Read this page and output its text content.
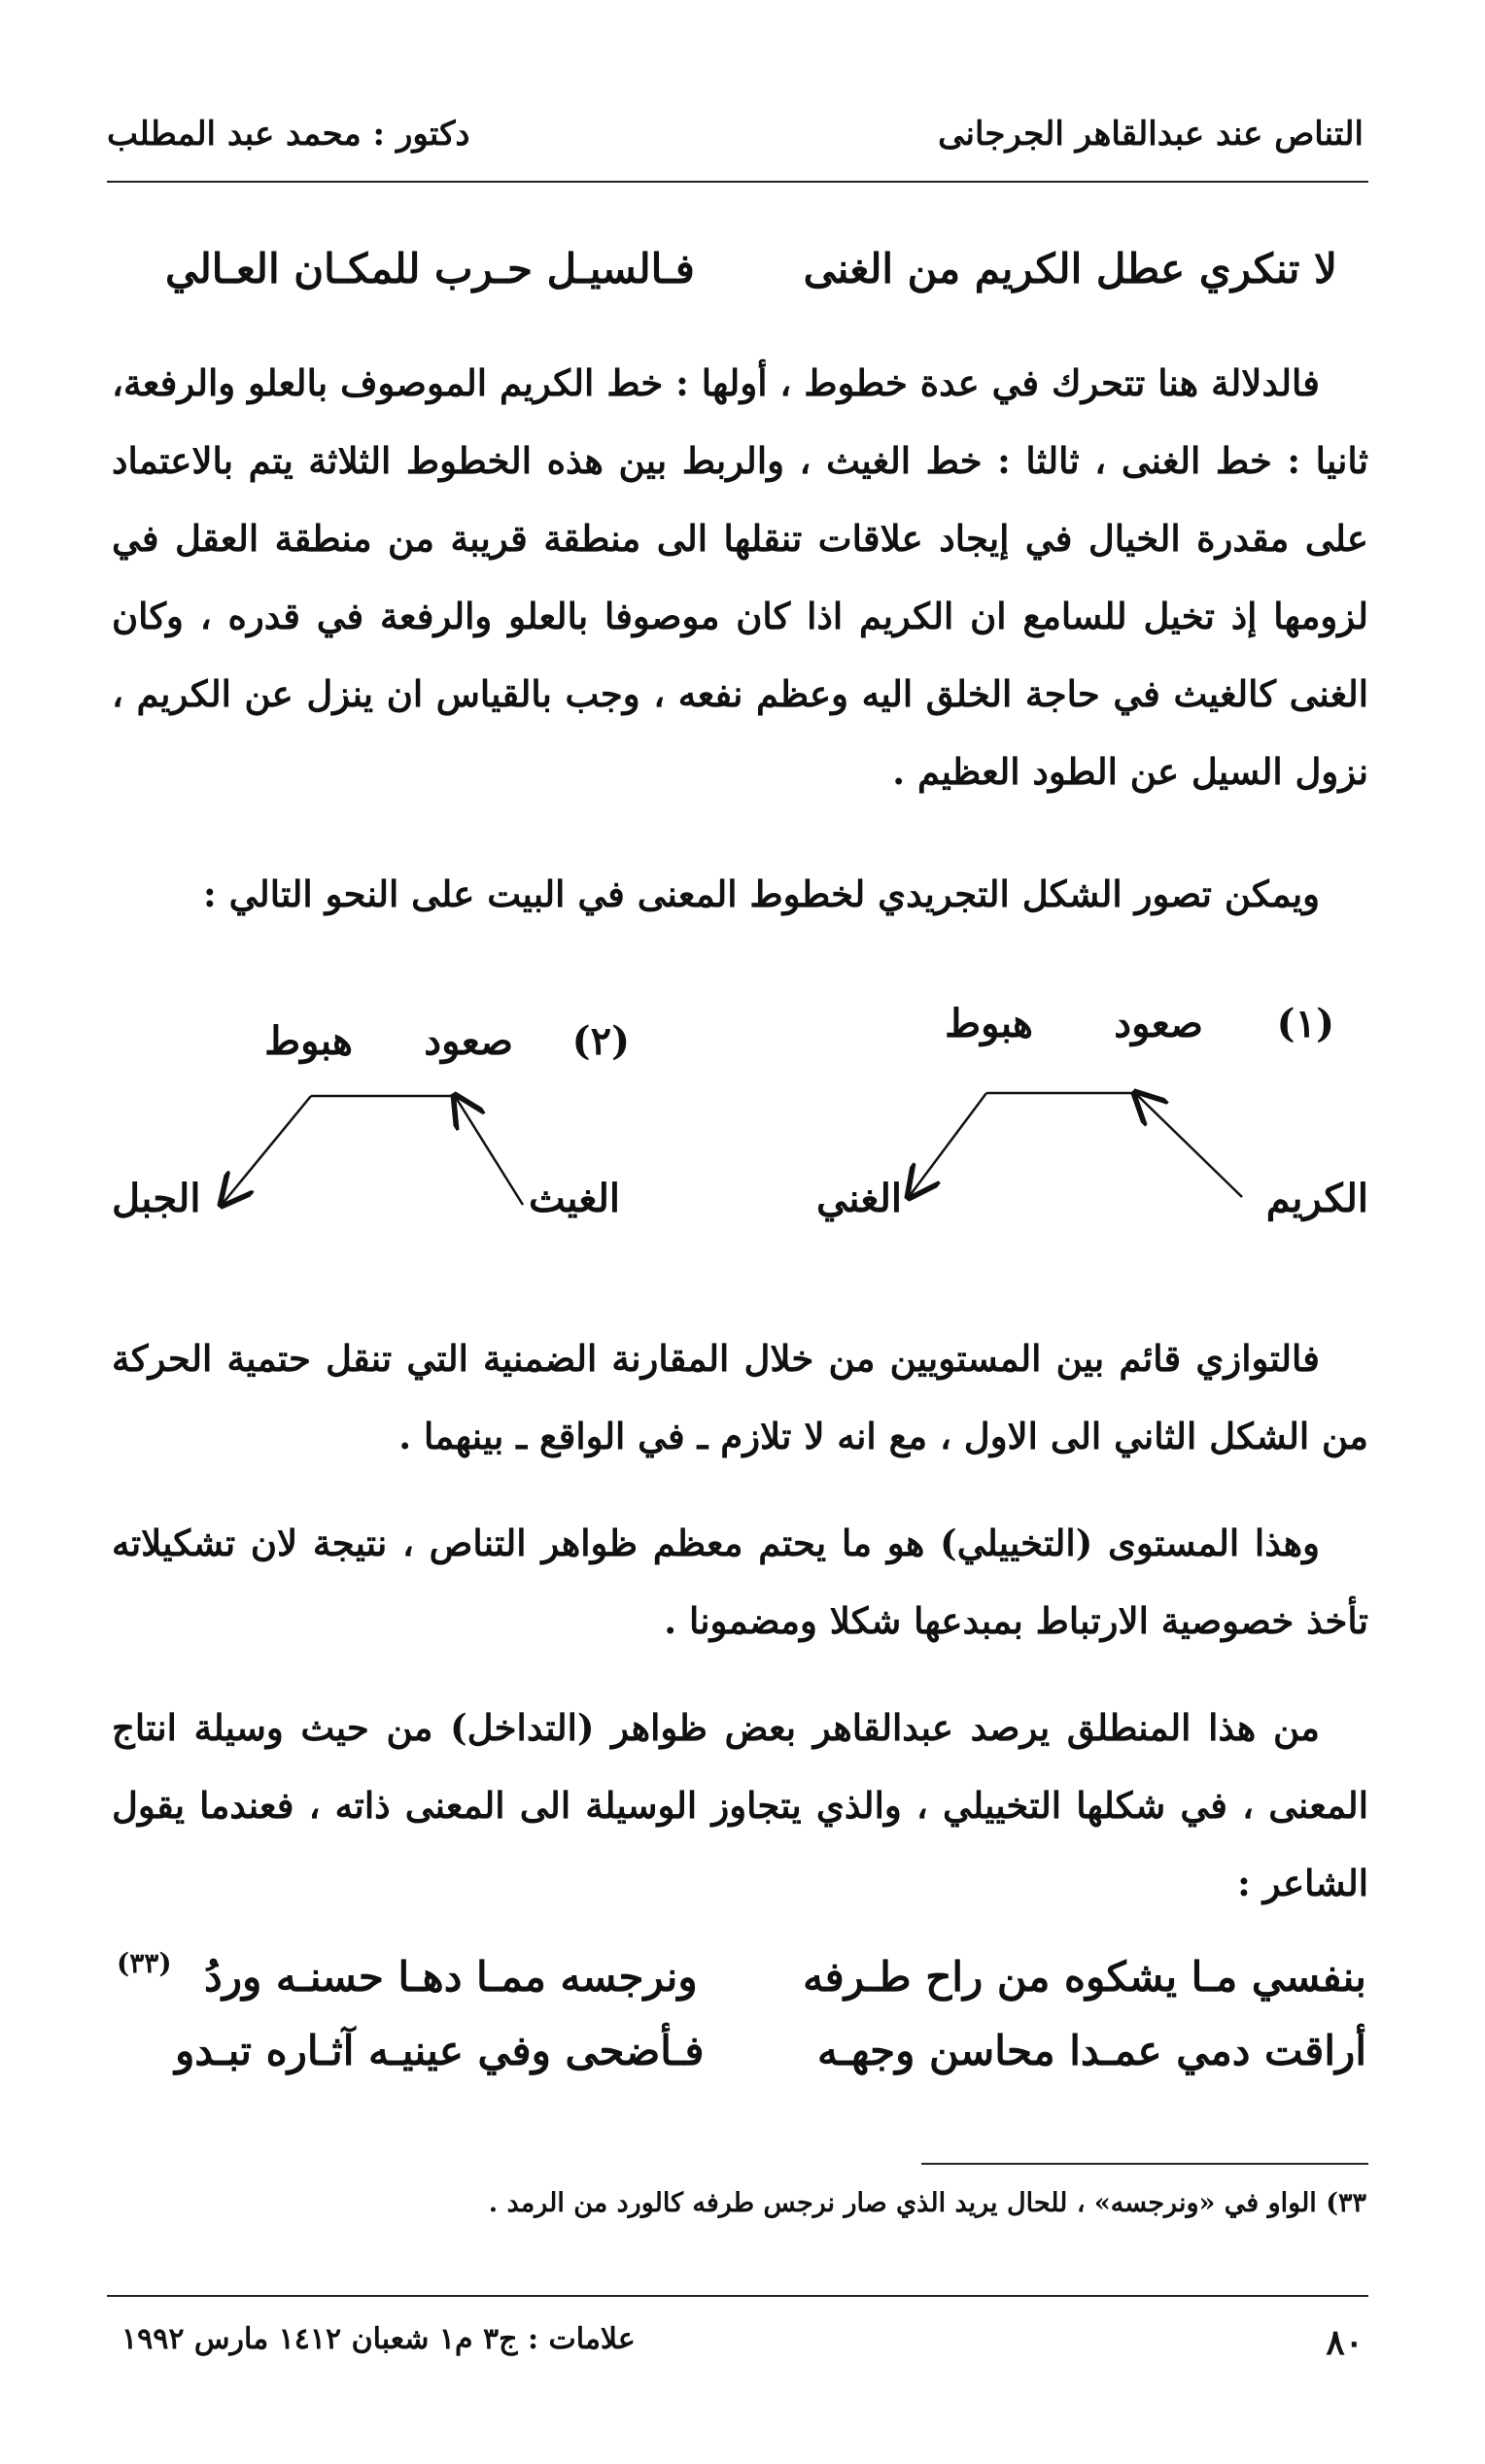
التناص عند عبدالقاهر الجرجانى
دكتور : محمد عبد المطلب
لا تنكري عطل الكريم من الغنى
فـالسيـل حـرب للمكـان العـالي
فالدلالة هنا تتحرك في عدة خطوط ، أولها : خط الكريم الموصوف بالعلو والرفعة، ثانيا : خط الغنى ، ثالثا : خط الغيث ، والربط بين هذه الخطوط الثلاثة يتم بالاعتماد على مقدرة الخيال في إيجاد علاقات تنقلها الى منطقة قريبة من منطقة العقل في لزومها إذ تخيل للسامع ان الكريم اذا كان موصوفا بالعلو والرفعة في قدره ، وكان الغنى كالغيث في حاجة الخلق اليه وعظم نفعه ، وجب بالقياس ان ينزل عن الكريم ، نزول السيل عن الطود العظيم .
ويمكن تصور الشكل التجريدي لخطوط المعنى في البيت على النحو التالي :
(١)
صعود
هبوط
الكريم
الغني
(٢)
صعود
هبوط
الغيث
الجبل
فالتوازي قائم بين المستويين من خلال المقارنة الضمنية التي تنقل حتمية الحركة من الشكل الثاني الى الاول ، مع انه لا تلازم ـ في الواقع ـ بينهما .
وهذا المستوى (التخييلي) هو ما يحتم معظم ظواهر التناص ، نتيجة لان تشكيلاته تأخذ خصوصية الارتباط بمبدعها شكلا ومضمونا .
من هذا المنطلق يرصد عبدالقاهر بعض ظواهر (التداخل) من حيث وسيلة انتاج المعنى ، في شكلها التخييلي ، والذي يتجاوز الوسيلة الى المعنى ذاته ، فعندما يقول الشاعر :
بنفسي مـا يشكوه من راح طـرفه
ونرجسه ممـا دهـا حسنـه وردُ
(٣٣)
أراقت دمي عمـدا محاسن وجهـه
فـأضحى وفي عينيـه آثـاره تبـدو
٣٣) الواو في «ونرجسه» ، للحال يريد الذي صار نرجس طرفه كالورد من الرمد .
٨٠
علامات : ج٣ م١ شعبان ١٤١٢ مارس ١٩٩٢
